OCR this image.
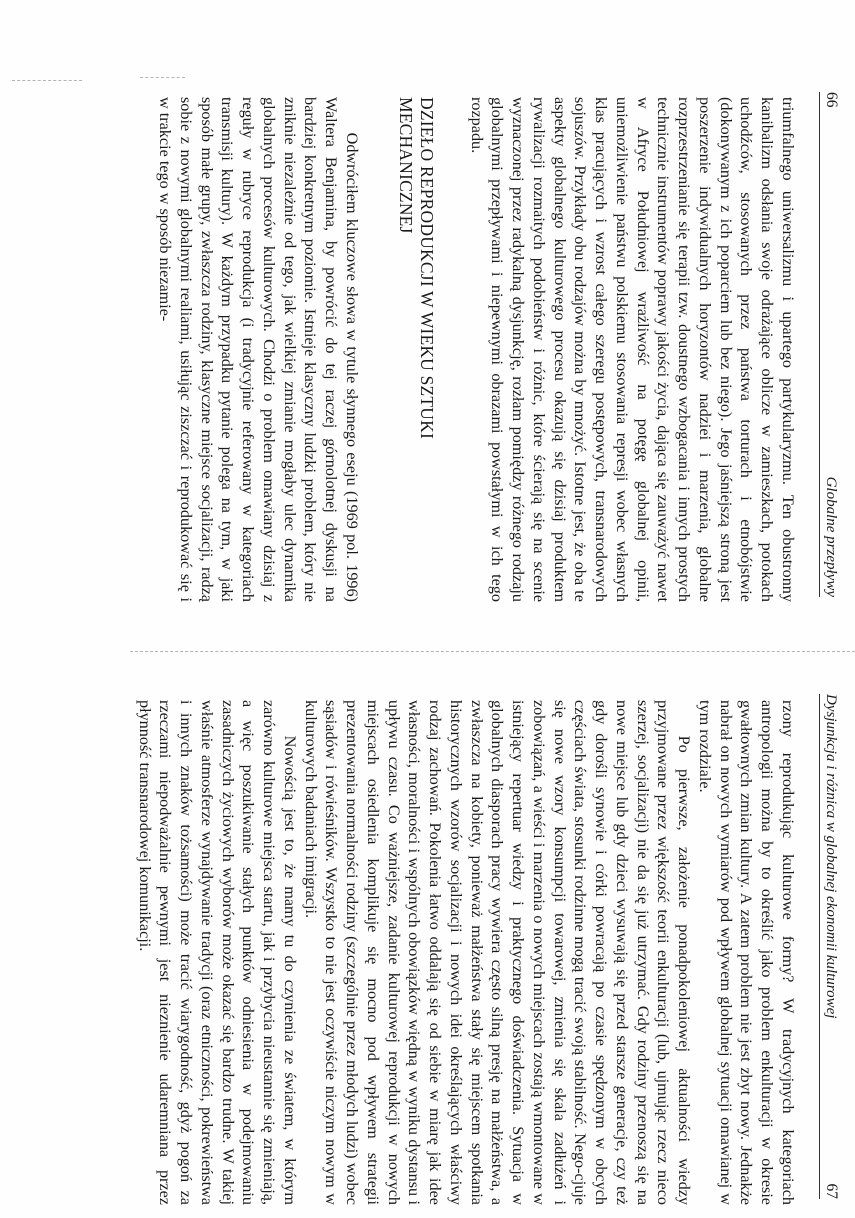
66
Globalne przepływy

triumfalnego uniwersalizmu i upartego partykularyzmu. Ten obustronny kanibalizm odsłania swoje odrażające oblicze w zamieszkach, potokach uchodźców, stosowanych przez państwa torturach i etnobójstwie (dokonywanym z ich poparciem lub bez niego). Jego jaśniejszą stroną jest poszerzenie indywidualnych horyzontów nadziei i marzenia, globalne rozprzestrzenianie się terapii tzw. doustnego wzbogacania i innych prostych technicznie instrumentów poprawy jakości życia, dająca się zauważyć nawet w Afryce Południowej wrażliwość na potęgę globalnej opinii, uniemożliwienie państwu polskiemu stosowania represji wobec własnych klas pracujących i wzrost całego szeregu postępowych, transnarodowych sojuszów. Przykłady obu rodzajów można by mnożyć. Istotne jest, że oba te aspekty globalnego kulturowego procesu okazują się dzisiaj produktem rywalizacji rozmaitych podobieństw i różnic, które ścierają się na scenie wyznaczonej przez radykalną dysjunkcję, rozłam pomiędzy różnego rodzaju globalnymi przepływami i niepewnymi obrazami powstałymi w ich tego rozpadu.

DZIEŁO REPRODUKCJI W WIEKU SZTUKI
MECHANICZNEJ

Odwróciłem kluczowe słowa w tytule słynnego eseju (1969 pol. 1996) Waltera Benjamina, by powrócić do tej raczej górnolotnej dyskusji na bardziej konkretnym poziomie. Istnieje klasyczny ludzki problem, który nie zniknie niezależnie od tego, jak wielkiej zmianie mogłaby ulec dynamika globalnych procesów kulturowych. Chodzi o problem omawiany dzisiaj z reguły w rubryce reprodukcja (i tradycyjnie referowany w kategoriach transmisji kultury). W każdym przypadku pytanie polega na tym, w jaki sposób małe grupy, zwłaszcza rodziny, klasyczne miejsce socjalizacji, radzą sobie z nowymi globalnymi realiami, usiłując ziszczać i reprodukować się i w trakcie tego w sposób niezamie-

Dysjunkcja i różnica w globalnej ekonomii kulturowej
67

rzony reprodukując kulturowe formy? W tradycyjnych kategoriach antropologii można by to określić jako problem enkulturacji w okresie gwałtownych zmian kultury. A zatem problem nie jest zbyt nowy. Jednakże nabrał on nowych wymiarów pod wpływem globalnej sytuacji omawianej w tym rozdziale.

Po pierwsze, założenie ponadpokoleniowej aktualności wiedzy przyjmowane przez większość teorii enkulturacji (lub, ujmując rzecz nieco szerzej, socjalizacji) nie da się już utrzymać. Gdy rodziny przenoszą się na nowe miejsce lub gdy dzieci wysuwają się przed starsze generacje, czy też gdy dorośli synowie i córki powracają po czasie spędzonym w obcych częściach świata, stosunki rodzinne mogą tracić swoją stabilność. Nego-cjuje się nowe wzory konsumpcji towarowej, zmienia się skala zadłużeń i zobowiązań, a wieści i marzenia o nowych miejscach zostają wmontowane w istniejący repertuar wiedzy i praktycznego doświadczenia. Sytuacja w globalnych diasporach pracy wywiera często silną presję na małżeństwa, a zwłaszcza na kobiety, ponieważ małżeństwa stały się miejscem spotkania historycznych wzorów socjalizacji i nowych idei określających właściwy rodzaj zachowań. Pokolenia łatwo oddalają się od siebie w miarę jak idee własności, moralności i wspólnych obowiązków więdną w wyniku dystansu i upływu czasu. Co ważniejsze, zadanie kulturowej reprodukcji w nowych miejscach osiedlenia komplikuje się mocno pod wpływem strategii prezentowania normalności rodziny (szczególnie przez młodych ludzi) wobec sąsiadów i rówieśników. Wszystko to nie jest oczywiście niczym nowym w kulturowych badaniach imigracji.

Nowością jest to, że mamy tu do czynienia ze światem, w którym zarówno kulturowe miejsca startu, jak i przybycia nieustannie się zmieniają, a więc poszukiwanie stałych punktów odniesienia w podejmowaniu zasadniczych życiowych wyborów może okazać się bardzo trudne. W takiej właśnie atmosferze wynajdywanie tradycji (oraz etniczności, pokrewieństwa i innych znaków tożsamości) może tracić wiarygodność, gdyż pogoń za rzeczami niepodważalnie pewnymi jest nieznienie udaremniana przez płynność transnarodowej komunikacji.
